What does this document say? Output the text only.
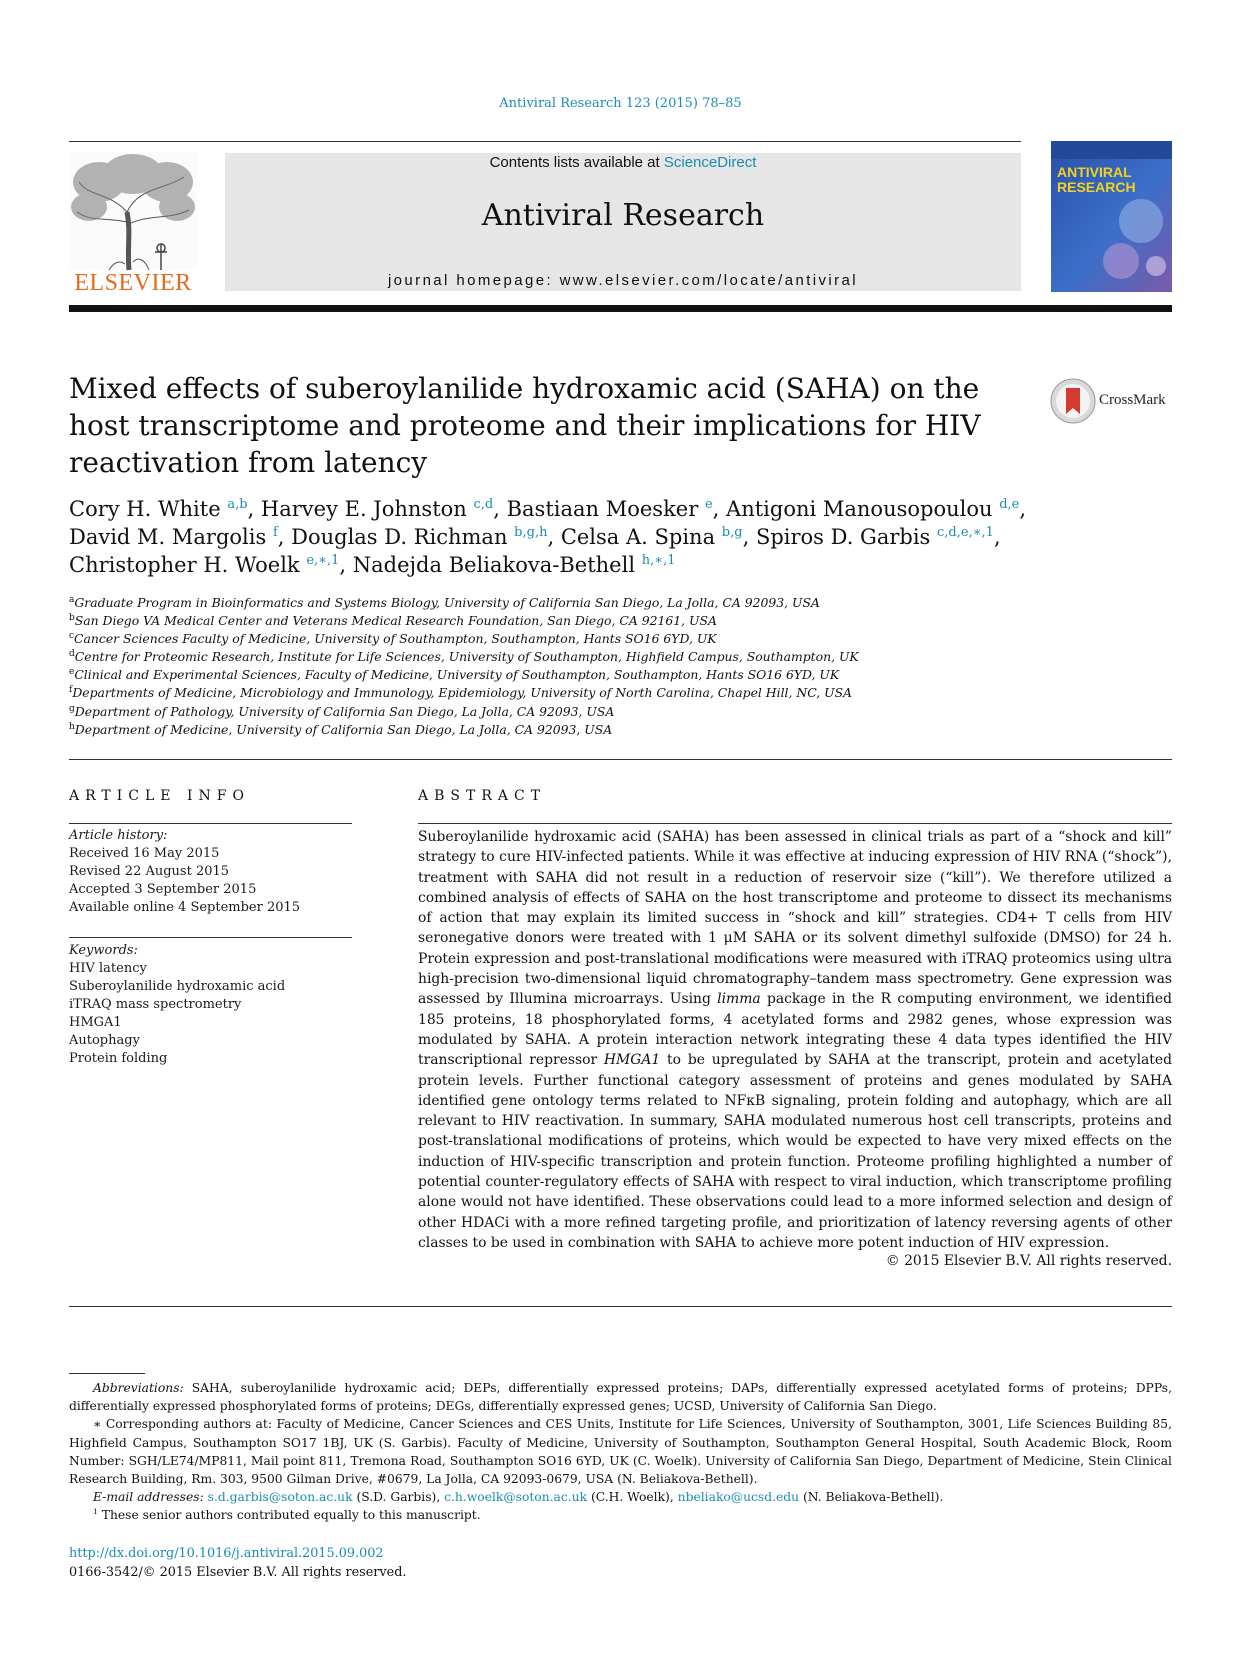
Antiviral Research 123 (2015) 78–85
ELSEVIER
Contents lists available at ScienceDirect
Antiviral Research
journal homepage: www.elsevier.com/locate/antiviral
ANTIVIRAL
RESEARCH
Mixed effects of suberoylanilide hydroxamic acid (SAHA) on the host transcriptome and proteome and their implications for HIV reactivation from latency
CrossMark

Cory H. White $^{a,b}$, Harvey E. Johnston $^{c,d}$, Bastiaan Moesker $^e$, Antigoni Manousopoulou $^{d,e}$,
David M. Margolis $^f$, Douglas D. Richman $^{b,g,h}$, Celsa A. Spina $^{b,g}$, Spiros D. Garbis $^{c,d,e,∗,1}$,
Christopher H. Woelk $^{e,∗,1}$, Nadejda Beliakova-Bethell $^{h,∗,1}$

$^a$Graduate Program in Bioinformatics and Systems Biology, University of California San Diego, La Jolla, CA 92093, USA
$^b$San Diego VA Medical Center and Veterans Medical Research Foundation, San Diego, CA 92161, USA
$^c$Cancer Sciences Faculty of Medicine, University of Southampton, Southampton, Hants SO16 6YD, UK
$^d$Centre for Proteomic Research, Institute for Life Sciences, University of Southampton, Highfield Campus, Southampton, UK
$^e$Clinical and Experimental Sciences, Faculty of Medicine, University of Southampton, Southampton, Hants SO16 6YD, UK
$^f$Departments of Medicine, Microbiology and Immunology, Epidemiology, University of North Carolina, Chapel Hill, NC, USA
$^g$Department of Pathology, University of California San Diego, La Jolla, CA 92093, USA
$^h$Department of Medicine, University of California San Diego, La Jolla, CA 92093, USA
ARTICLE INFO
Article history:
Received 16 May 2015
Revised 22 August 2015
Accepted 3 September 2015
Available online 4 September 2015
Keywords:
HIV latency
Suberoylanilide hydroxamic acid
iTRAQ mass spectrometry
HMGA1
Autophagy
Protein folding
ABSTRACT

Suberoylanilide hydroxamic acid (SAHA) has been assessed in clinical trials as part of a “shock and kill” strategy to cure HIV-infected patients. While it was effective at inducing expression of HIV RNA (“shock”), treatment with SAHA did not result in a reduction of reservoir size (“kill”). We therefore utilized a combined analysis of effects of SAHA on the host transcriptome and proteome to dissect its mechanisms of action that may explain its limited success in “shock and kill” strategies. CD4+ T cells from HIV seronegative donors were treated with 1 μM SAHA or its solvent dimethyl sulfoxide (DMSO) for 24 h. Protein expression and post-translational modifications were measured with iTRAQ proteomics using ultra high-precision two-dimensional liquid chromatography–tandem mass spectrometry. Gene expression was assessed by Illumina microarrays. Using limma package in the R computing environment, we identified 185 proteins, 18 phosphorylated forms, 4 acetylated forms and 2982 genes, whose expression was modulated by SAHA. A protein interaction network integrating these 4 data types identified the HIV transcriptional repressor HMGA1 to be upregulated by SAHA at the transcript, protein and acetylated protein levels. Further functional category assessment of proteins and genes modulated by SAHA identified gene ontology terms related to NFκB signaling, protein folding and autophagy, which are all relevant to HIV reactivation. In summary, SAHA modulated numerous host cell transcripts, proteins and post-translational modifications of proteins, which would be expected to have very mixed effects on the induction of HIV-specific transcription and protein function. Proteome profiling highlighted a number of potential counter-regulatory effects of SAHA with respect to viral induction, which transcriptome profiling alone would not have identified. These observations could lead to a more informed selection and design of other HDACi with a more refined targeting profile, and prioritization of latency reversing agents of other classes to be used in combination with SAHA to achieve more potent induction of HIV expression.

© 2015 Elsevier B.V. All rights reserved.

Abbreviations: SAHA, suberoylanilide hydroxamic acid; DEPs, differentially expressed proteins; DAPs, differentially expressed acetylated forms of proteins; DPPs, differentially expressed phosphorylated forms of proteins; DEGs, differentially expressed genes; UCSD, University of California San Diego.

∗ Corresponding authors at: Faculty of Medicine, Cancer Sciences and CES Units, Institute for Life Sciences, University of Southampton, 3001, Life Sciences Building 85, Highfield Campus, Southampton SO17 1BJ, UK (S. Garbis). Faculty of Medicine, University of Southampton, Southampton General Hospital, South Academic Block, Room Number: SGH/LE74/MP811, Mail point 811, Tremona Road, Southampton SO16 6YD, UK (C. Woelk). University of California San Diego, Department of Medicine, Stein Clinical Research Building, Rm. 303, 9500 Gilman Drive, #0679, La Jolla, CA 92093-0679, USA (N. Beliakova-Bethell).

E-mail addresses: s.d.garbis@soton.ac.uk (S.D. Garbis), c.h.woelk@soton.ac.uk (C.H. Woelk), nbeliako@ucsd.edu (N. Beliakova-Bethell).

$^1$ These senior authors contributed equally to this manuscript.

http://dx.doi.org/10.1016/j.antiviral.2015.09.002
0166-3542/© 2015 Elsevier B.V. All rights reserved.
